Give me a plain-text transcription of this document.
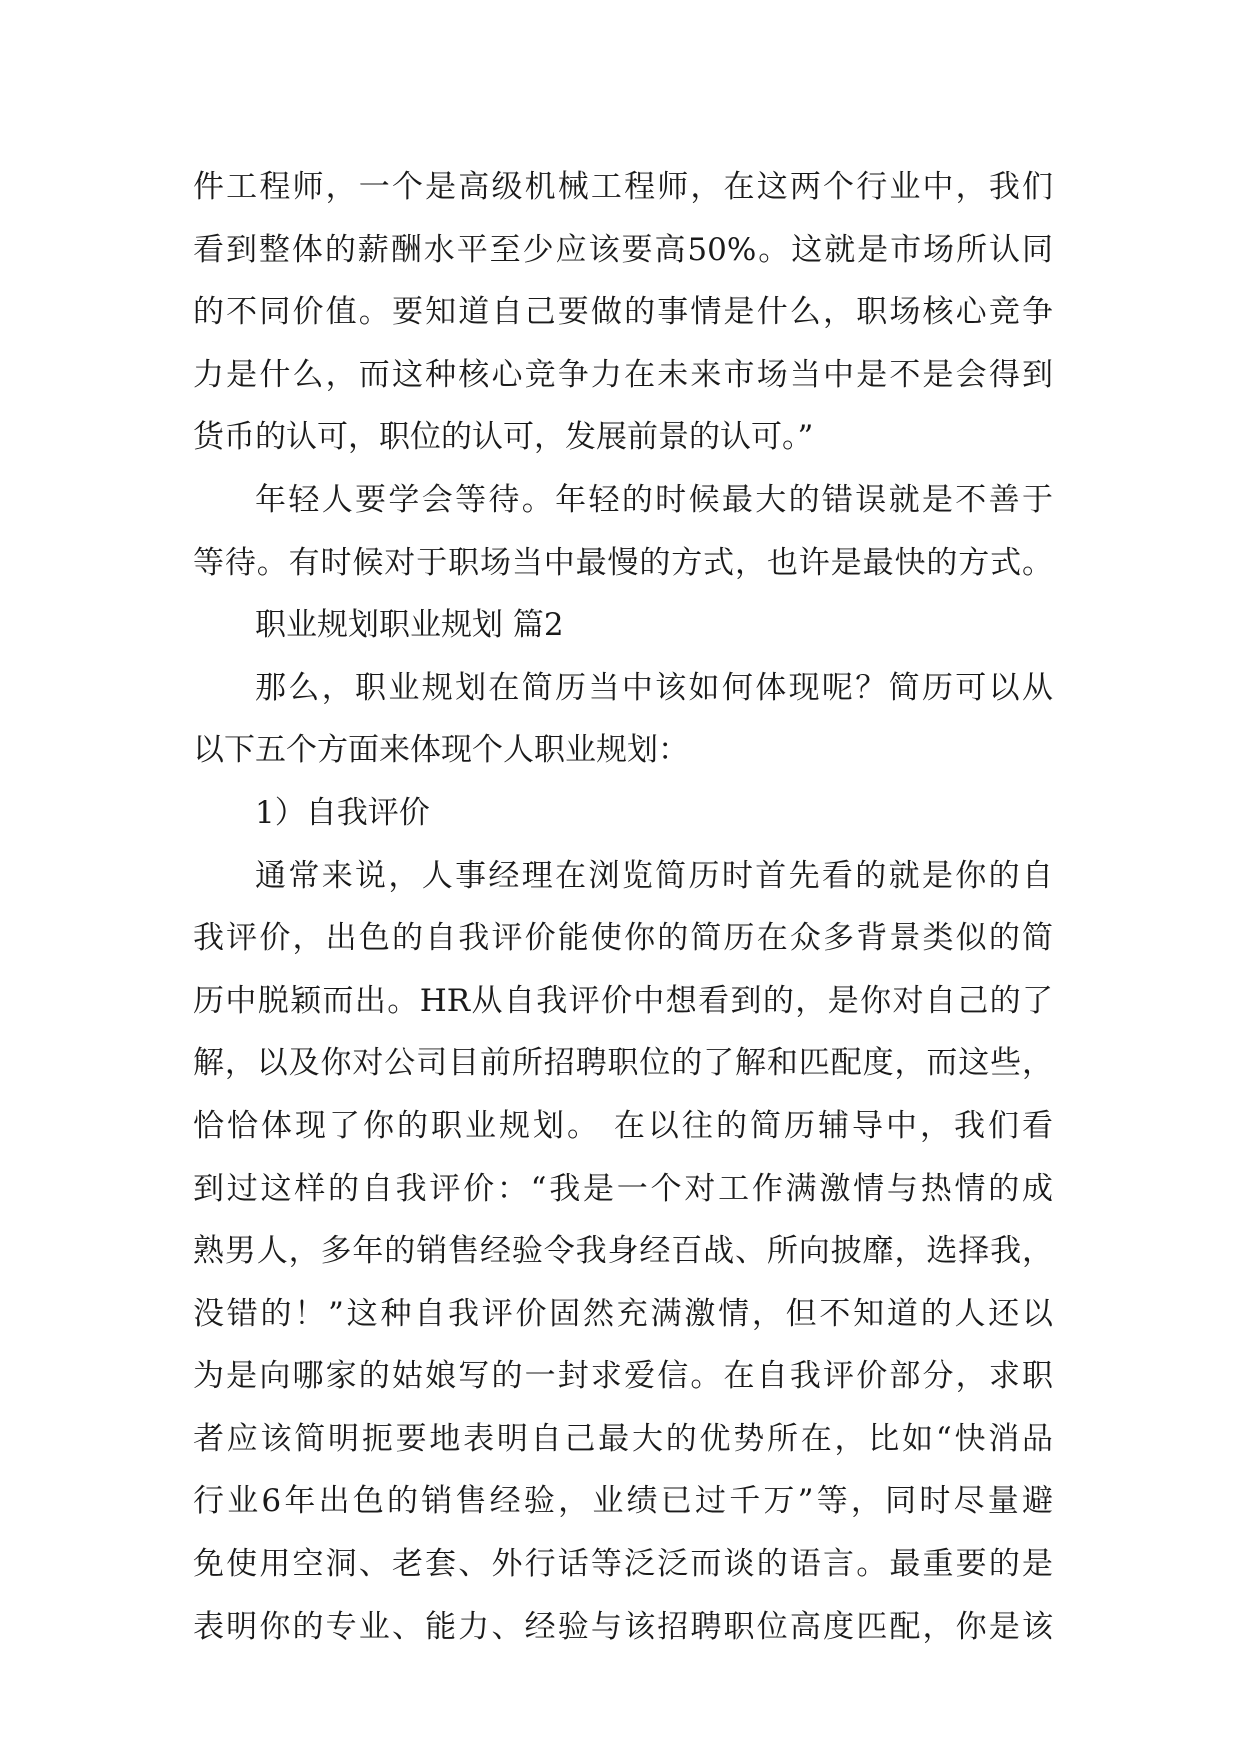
件工程师，一个是高级机械工程师，在这两个行业中，我们
看到整体的薪酬水平至少应该要高50%。这就是市场所认同
的不同价值。要知道自己要做的事情是什么，职场核心竞争
力是什么，而这种核心竞争力在未来市场当中是不是会得到
货币的认可，职位的认可，发展前景的认可。”
年轻人要学会等待。年轻的时候最大的错误就是不善于
等待。有时候对于职场当中最慢的方式，也许是最快的方式。
职业规划职业规划 篇2
那么，职业规划在简历当中该如何体现呢？简历可以从
以下五个方面来体现个人职业规划：
1）自我评价
通常来说，人事经理在浏览简历时首先看的就是你的自
我评价，出色的自我评价能使你的简历在众多背景类似的简
历中脱颖而出。HR从自我评价中想看到的，是你对自己的了
解，以及你对公司目前所招聘职位的了解和匹配度，而这些，
恰恰体现了你的职业规划。 在以往的简历辅导中，我们看
到过这样的自我评价：“我是一个对工作满激情与热情的成
熟男人，多年的销售经验令我身经百战、所向披靡，选择我，
没错的！”这种自我评价固然充满激情，但不知道的人还以
为是向哪家的姑娘写的一封求爱信。在自我评价部分，求职
者应该简明扼要地表明自己最大的优势所在，比如“快消品
行业6年出色的销售经验，业绩已过千万”等，同时尽量避
免使用空洞、老套、外行话等泛泛而谈的语言。最重要的是
表明你的专业、能力、经验与该招聘职位高度匹配，你是该
